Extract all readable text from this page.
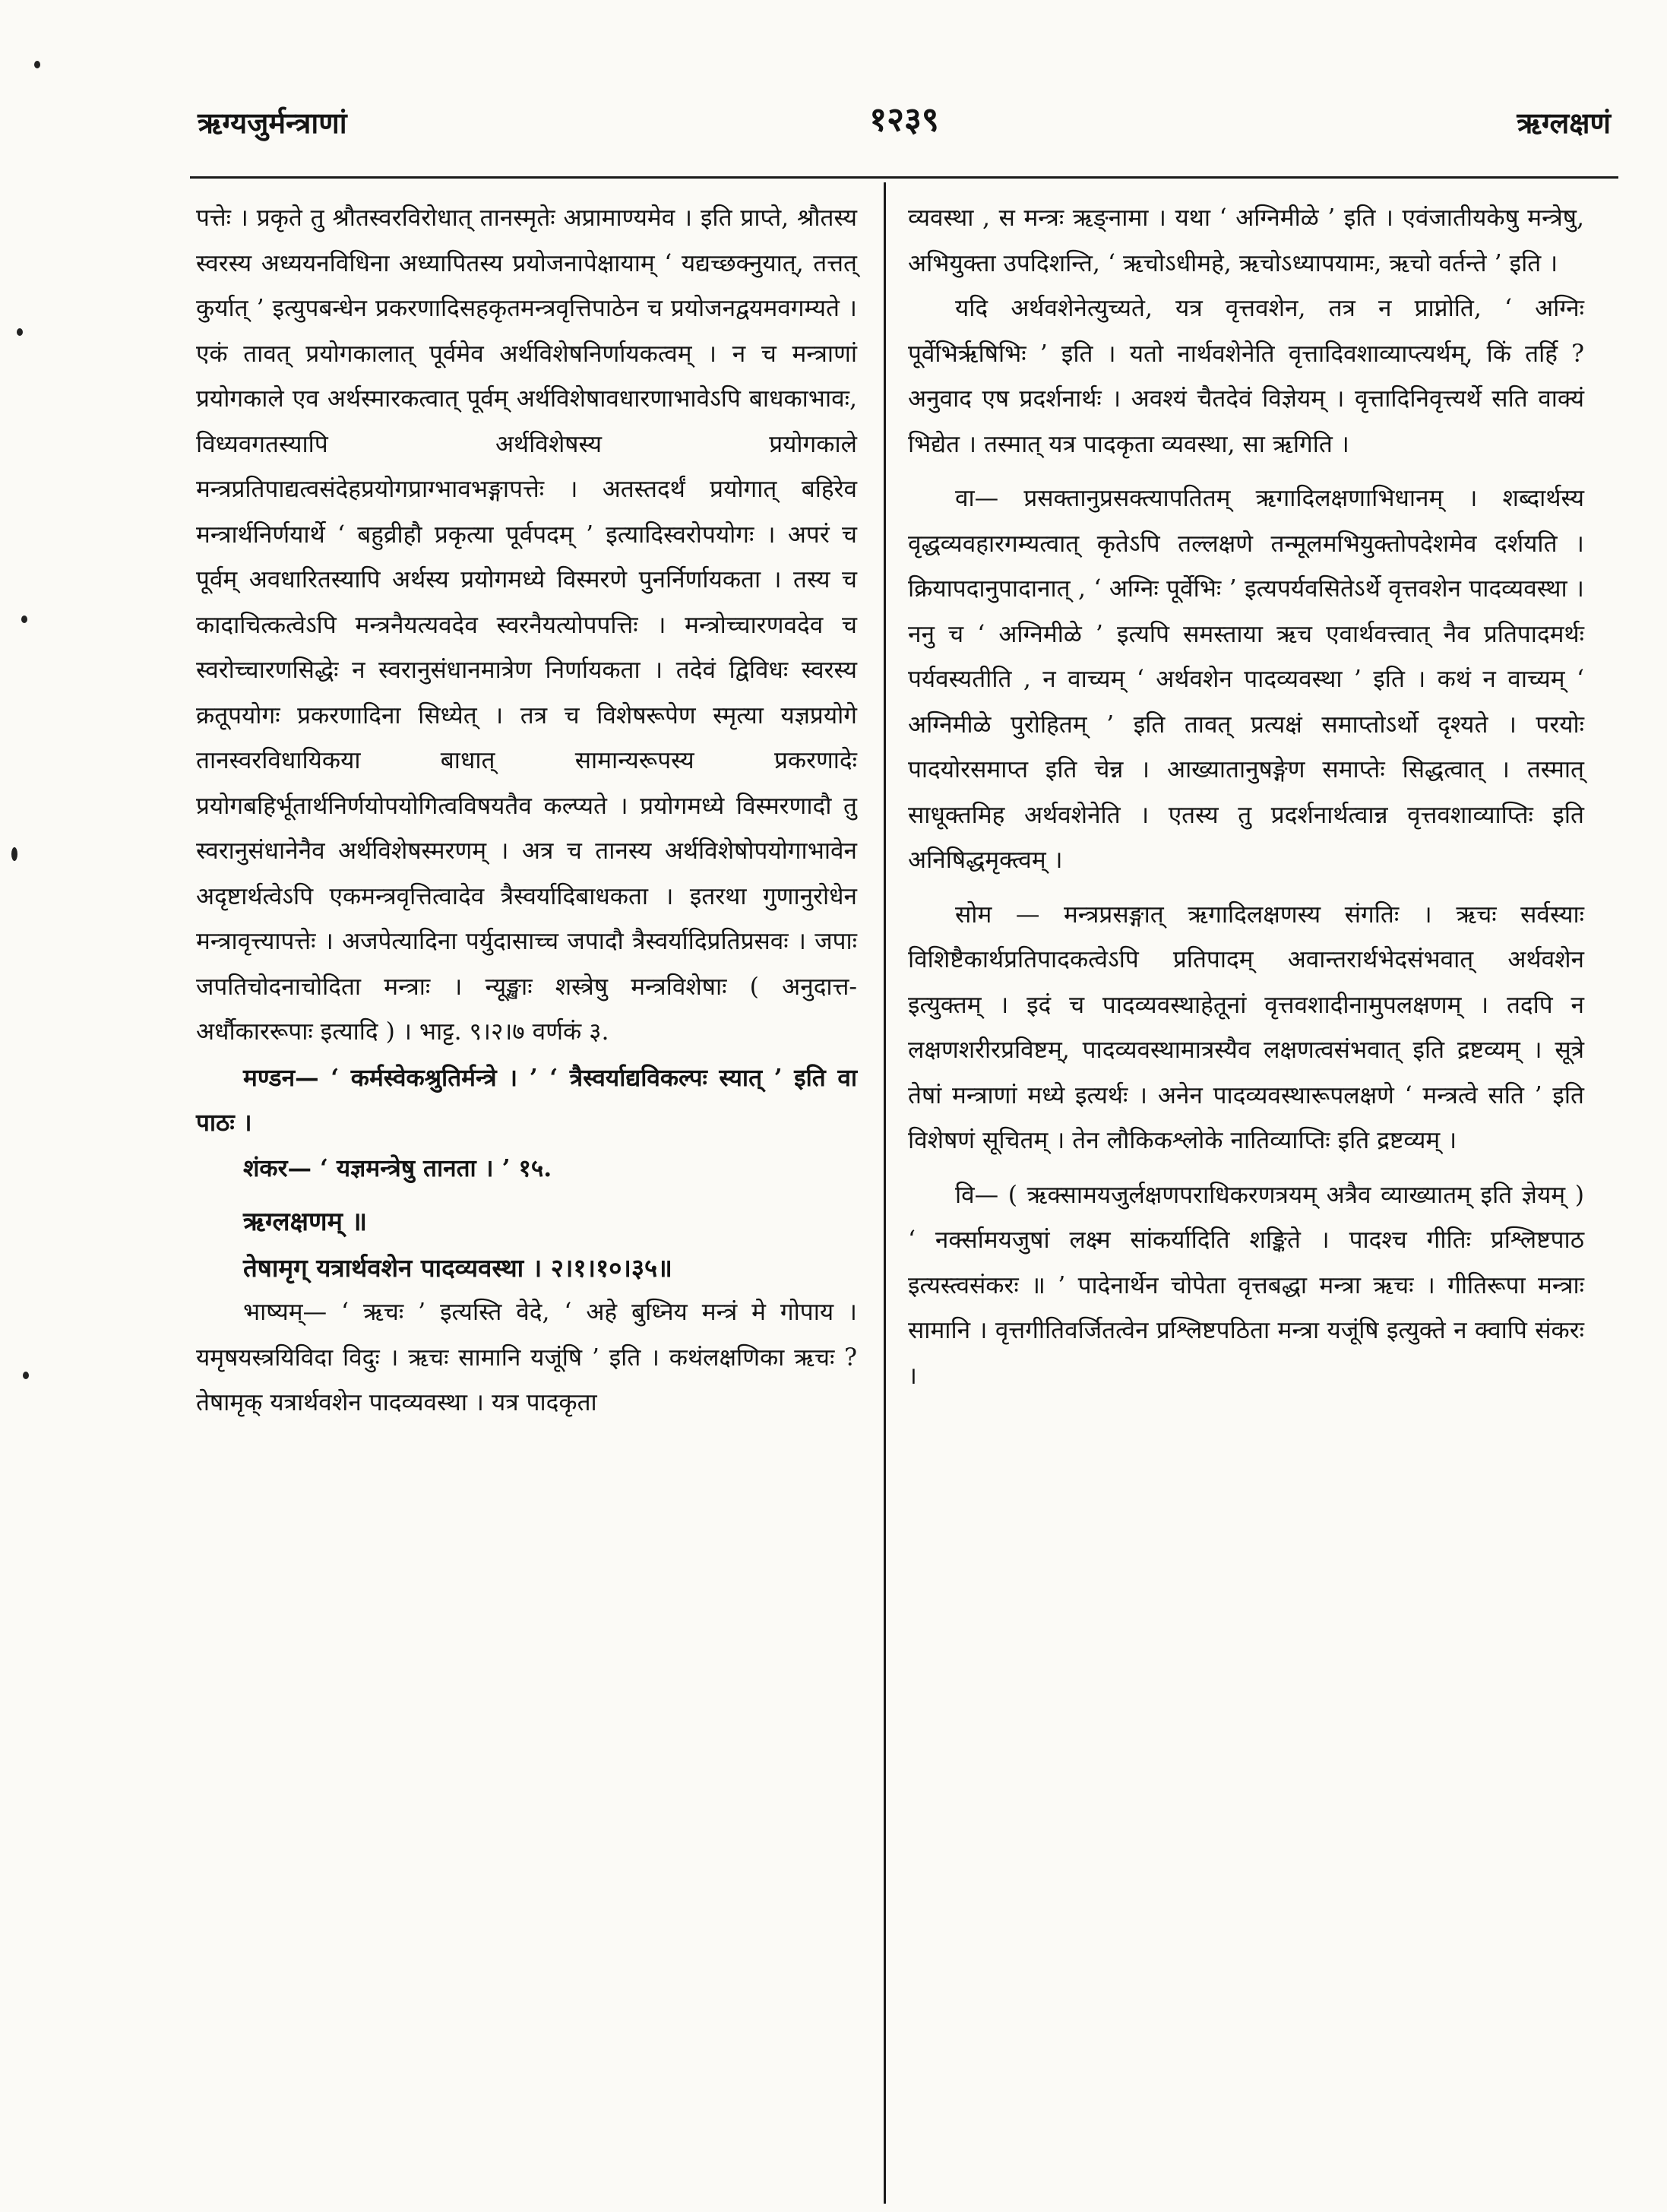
ऋग्यजुर्मन्त्राणां	१२३९	ऋग्लक्षणं

पत्तेः । प्रकृते तु श्रौतस्वरविरोधात् तानस्मृतेः अप्रामाण्यमेव । इति प्राप्ते, श्रौतस्य स्वरस्य अध्ययनविधिना अध्यापितस्य प्रयोजनापेक्षायाम् ‘ यद्यच्छक्नुयात्, तत्तत् कुर्यात् ’ इत्युपबन्धेन प्रकरणादिसहकृतमन्त्रवृत्तिपाठेन च प्रयोजनद्वयमवगम्यते । एकं तावत् प्रयोगकालात् पूर्वमेव अर्थविशेषनिर्णायकत्वम् । न च मन्त्राणां प्रयोगकाले एव अर्थस्मारकत्वात् पूर्वम् अर्थविशेषावधारणाभावेऽपि बाधकाभावः, विध्यवगतस्यापि अर्थविशेषस्य प्रयोगकाले मन्त्रप्रतिपाद्यत्वसंदेहप्रयोगप्राग्भावभङ्गापत्तेः । अतस्तदर्थं प्रयोगात् बहिरेव मन्त्रार्थनिर्णयार्थे ‘ बहुव्रीहौ प्रकृत्या पूर्वपदम् ’ इत्यादिस्वरोपयोगः । अपरं च पूर्वम् अवधारितस्यापि अर्थस्य प्रयोगमध्ये विस्मरणे पुनर्निर्णायकता । तस्य च कादाचित्कत्वेऽपि मन्त्रनैयत्यवदेव स्वरनैयत्योपपत्तिः । मन्त्रोच्चारणवदेव च स्वरोच्चारणसिद्धेः न स्वरानुसंधानमात्रेण निर्णायकता । तदेवं द्विविधः स्वरस्य क्रतूपयोगः प्रकरणादिना सिध्येत् । तत्र च विशेषरूपेण स्मृत्या यज्ञप्रयोगे तानस्वरविधायिकया बाधात् सामान्यरूपस्य प्रकरणादेः प्रयोगबहिर्भूतार्थनिर्णयोपयोगित्वविषयतैव कल्प्यते । प्रयोगमध्ये विस्मरणादौ तु स्वरानुसंधानेनैव अर्थविशेषस्मरणम् । अत्र च तानस्य अर्थविशेषोपयोगाभावेन अदृष्टार्थत्वेऽपि एकमन्त्रवृत्तित्वादेव त्रैस्वर्यादिबाधकता । इतरथा गुणानुरोधेन मन्त्रावृत्त्यापत्तेः । अजपेत्यादिना पर्युदासाच्च जपादौ त्रैस्वर्यादिप्रतिप्रसवः । जपाः जपतिचोदनाचोदिता मन्त्राः । न्यूङ्खाः शस्त्रेषु मन्त्रविशेषाः ( अनुदात्त-अर्धौकाररूपाः इत्यादि ) । भाट्ट. ९।२।७ वर्णकं ३.

मण्डन— ‘ कर्मस्वेकश्रुतिर्मन्त्रे । ’ ‘ त्रैस्वर्याद्यविकल्पः स्यात् ’ इति वा पाठः ।

शंकर— ‘ यज्ञमन्त्रेषु तानता । ’ १५.

ऋग्लक्षणम् ॥

तेषामृग् यत्रार्थवशेन पादव्यवस्था । २।१।१०।३५॥

भाष्यम्— ‘ ऋचः ’ इत्यस्ति वेदे, ‘ अहे बुध्निय मन्त्रं मे गोपाय । यमृषयस्त्रयिविदा विदुः । ऋचः सामानि यजूंषि ’ इति । कथंलक्षणिका ऋचः ? तेषामृक् यत्रार्थवशेन पादव्यवस्था । यत्र पादकृता

व्यवस्था , स मन्त्रः ऋङ्नामा । यथा ‘ अग्निमीळे ’ इति । एवंजातीयकेषु मन्त्रेषु, अभियुक्ता उपदिशन्ति, ‘ ऋचोऽधीमहे, ऋचोऽध्यापयामः, ऋचो वर्तन्ते ’ इति ।

यदि अर्थवशेनेत्युच्यते, यत्र वृत्तवशेन, तत्र न प्राप्नोति, ‘ अग्निः पूर्वेभिर्ऋषिभिः ’ इति । यतो नार्थवशेनेति वृत्तादिवशाव्याप्त्यर्थम्, किं तर्हि ? अनुवाद एष प्रदर्शनार्थः । अवश्यं चैतदेवं विज्ञेयम् । वृत्तादिनिवृत्त्यर्थे सति वाक्यं भिद्येत । तस्मात् यत्र पादकृता व्यवस्था, सा ऋगिति ।

वा— प्रसक्तानुप्रसक्त्यापतितम् ऋगादिलक्षणाभिधानम् । शब्दार्थस्य वृद्धव्यवहारगम्यत्वात् कृतेऽपि तल्लक्षणे तन्मूलमभियुक्तोपदेशमेव दर्शयति । क्रियापदानुपादानात् , ‘ अग्निः पूर्वेभिः ’ इत्यपर्यवसितेऽर्थे वृत्तवशेन पादव्यवस्था । ननु च ‘ अग्निमीळे ’ इत्यपि समस्ताया ऋच एवार्थवत्त्वात् नैव प्रतिपादमर्थः पर्यवस्यतीति , न वाच्यम् ‘ अर्थवशेन पादव्यवस्था ’ इति । कथं न वाच्यम् ‘ अग्निमीळे पुरोहितम् ’ इति तावत् प्रत्यक्षं समाप्तोऽर्थो दृश्यते । परयोः पादयोरसमाप्त इति चेन्न । आख्यातानुषङ्गेण समाप्तेः सिद्धत्वात् । तस्मात् साधूक्तमिह अर्थवशेनेति । एतस्य तु प्रदर्शनार्थत्वान्न वृत्तवशाव्याप्तिः इति अनिषिद्धमृक्त्वम् ।

सोम — मन्त्रप्रसङ्गात् ऋगादिलक्षणस्य संगतिः । ऋचः सर्वस्याः विशिष्टैकार्थप्रतिपादकत्वेऽपि प्रतिपादम् अवान्तरार्थभेदसंभवात् अर्थवशेन इत्युक्तम् । इदं च पादव्यवस्थाहेतूनां वृत्तवशादीनामुपलक्षणम् । तदपि न लक्षणशरीरप्रविष्टम्, पादव्यवस्थामात्रस्यैव लक्षणत्वसंभवात् इति द्रष्टव्यम् । सूत्रे तेषां मन्त्राणां मध्ये इत्यर्थः । अनेन पादव्यवस्थारूपलक्षणे ‘ मन्त्रत्वे सति ’ इति विशेषणं सूचितम् । तेन लौकिकश्लोके नातिव्याप्तिः इति द्रष्टव्यम् ।

वि— ( ऋक्सामयजुर्लक्षणपराधिकरणत्रयम् अत्रैव व्याख्यातम् इति ज्ञेयम् ) ‘ नर्क्सामयजुषां लक्ष्म सांकर्यादिति शङ्किते । पादश्च गीतिः प्रश्लिष्टपाठ इत्यस्त्वसंकरः ॥ ’ पादेनार्थेन चोपेता वृत्तबद्धा मन्त्रा ऋचः । गीतिरूपा मन्त्राः सामानि । वृत्तगीतिवर्जितत्वेन प्रश्लिष्टपठिता मन्त्रा यजूंषि इत्युक्ते न क्वापि संकरः ।
